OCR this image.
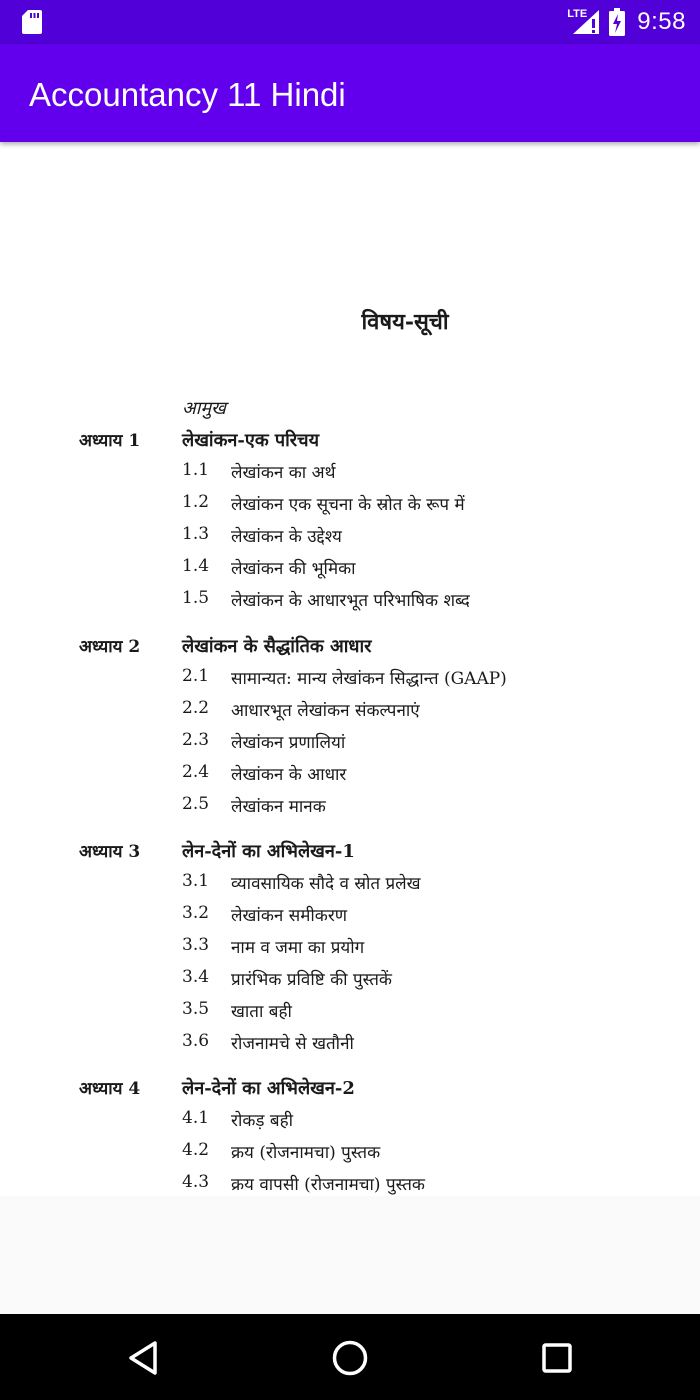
LTE 9:58
Accountancy 11 Hindi
विषय-सूची
आमुख
अध्याय 1 लेखांकन-एक परिचय
1.1 लेखांकन का अर्थ
1.2 लेखांकन एक सूचना के स्रोत के रूप में
1.3 लेखांकन के उद्देश्य
1.4 लेखांकन की भूमिका
1.5 लेखांकन के आधारभूत परिभाषिक शब्द
अध्याय 2 लेखांकन के सैद्धांतिक आधार
2.1 सामान्यत: मान्य लेखांकन सिद्धान्त (GAAP)
2.2 आधारभूत लेखांकन संकल्पनाएं
2.3 लेखांकन प्रणालियां
2.4 लेखांकन के आधार
2.5 लेखांकन मानक
अध्याय 3 लेन-देनों का अभिलेखन-1
3.1 व्यावसायिक सौदे व स्रोत प्रलेख
3.2 लेखांकन समीकरण
3.3 नाम व जमा का प्रयोग
3.4 प्रारंभिक प्रविष्टि की पुस्तकें
3.5 खाता बही
3.6 रोजनामचे से खतौनी
अध्याय 4 लेन-देनों का अभिलेखन-2
4.1 रोकड़ बही
4.2 क्रय (रोजनामचा) पुस्तक
4.3 क्रय वापसी (रोजनामचा) पुस्तक
